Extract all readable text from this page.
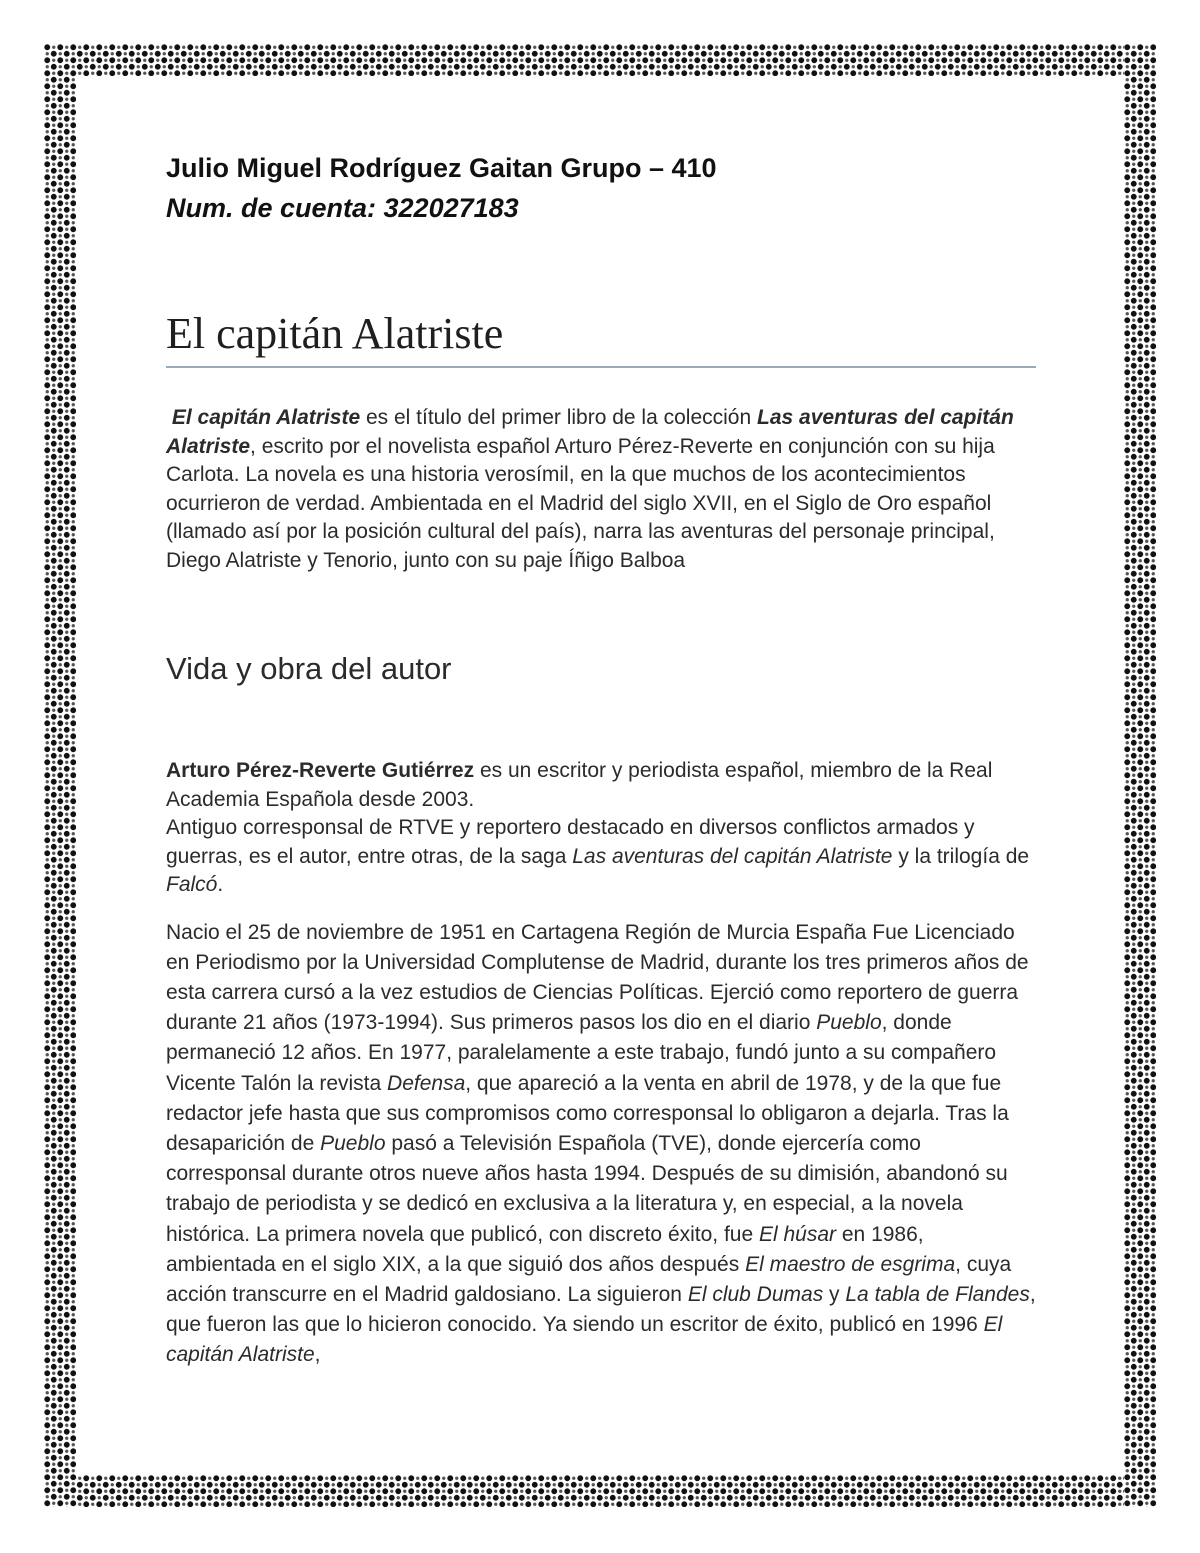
Julio Miguel Rodríguez Gaitan Grupo – 410
Num. de cuenta: 322027183
El capitán Alatriste

El capitán Alatriste es el título del primer libro de la colección Las aventuras del capitán Alatriste, escrito por el novelista español Arturo Pérez-Reverte en conjunción con su hija Carlota. La novela es una historia verosímil, en la que muchos de los acontecimientos ocurrieron de verdad. Ambientada en el Madrid del siglo XVII, en el Siglo de Oro español (llamado así por la posición cultural del país), narra las aventuras del personaje principal, Diego Alatriste y Tenorio, junto con su paje Íñigo Balboa

Vida y obra del autor

Arturo Pérez-Reverte Gutiérrez es un escritor y periodista español, miembro de la Real Academia Española desde 2003.

Antiguo corresponsal de RTVE y reportero destacado en diversos conflictos armados y guerras, es el autor, entre otras, de la saga Las aventuras del capitán Alatriste y la trilogía de Falcó.

Nacio el 25 de noviembre de 1951 en Cartagena Región de Murcia España Fue Licenciado en Periodismo por la Universidad Complutense de Madrid, durante los tres primeros años de esta carrera cursó a la vez estudios de Ciencias Políticas. Ejerció como reportero de guerra durante 21 años (1973-1994). Sus primeros pasos los dio en el diario Pueblo, donde permaneció 12 años. En 1977, paralelamente a este trabajo, fundó junto a su compañero Vicente Talón la revista Defensa, que apareció a la venta en abril de 1978, y de la que fue redactor jefe hasta que sus compromisos como corresponsal lo obligaron a dejarla. Tras la desaparición de Pueblo pasó a Televisión Española (TVE), donde ejercería como corresponsal durante otros nueve años hasta 1994. Después de su dimisión, abandonó su trabajo de periodista y se dedicó en exclusiva a la literatura y, en especial, a la novela histórica. La primera novela que publicó, con discreto éxito, fue El húsar en 1986, ambientada en el siglo XIX, a la que siguió dos años después El maestro de esgrima, cuya acción transcurre en el Madrid galdosiano. La siguieron El club Dumas y La tabla de Flandes, que fueron las que lo hicieron conocido. Ya siendo un escritor de éxito, publicó en 1996 El capitán Alatriste,
